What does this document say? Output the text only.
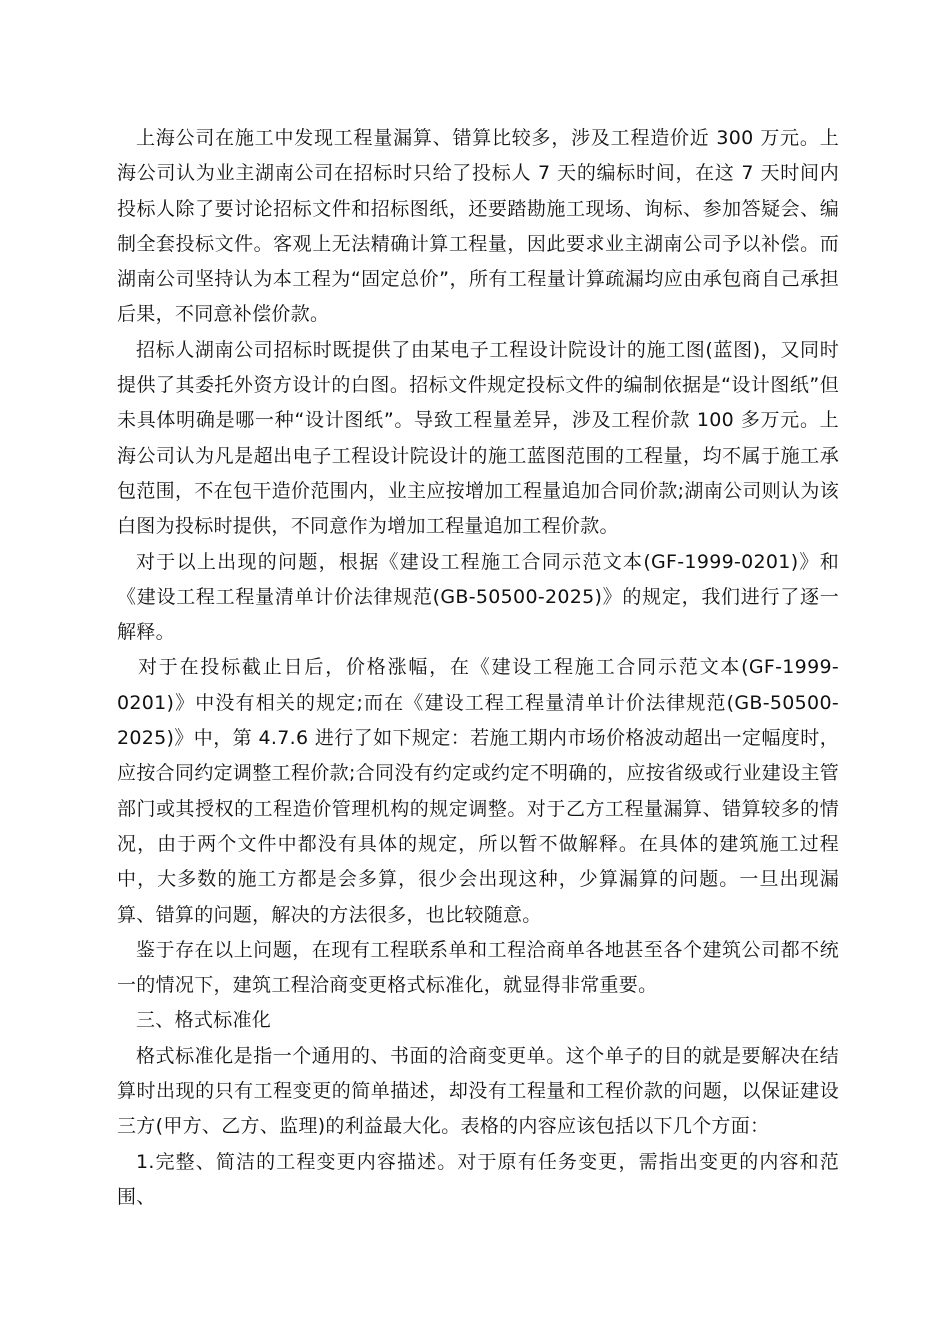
上海公司在施工中发现工程量漏算、错算比较多，涉及工程造价近 300 万元。上海公司认为业主湖南公司在招标时只给了投标人 7 天的编标时间，在这 7 天时间内投标人除了要讨论招标文件和招标图纸，还要踏勘施工现场、询标、参加答疑会、编制全套投标文件。客观上无法精确计算工程量，因此要求业主湖南公司予以补偿。而湖南公司坚持认为本工程为“固定总价”，所有工程量计算疏漏均应由承包商自己承担后果，不同意补偿价款。

招标人湖南公司招标时既提供了由某电子工程设计院设计的施工图(蓝图)，又同时提供了其委托外资方设计的白图。招标文件规定投标文件的编制依据是“设计图纸”但未具体明确是哪一种“设计图纸”。导致工程量差异，涉及工程价款 100 多万元。上海公司认为凡是超出电子工程设计院设计的施工蓝图范围的工程量，均不属于施工承包范围，不在包干造价范围内，业主应按增加工程量追加合同价款;湖南公司则认为该白图为投标时提供，不同意作为增加工程量追加工程价款。

对于以上出现的问题，根据《建设工程施工合同示范文本(GF-1999-0201)》和《建设工程工程量清单计价法律规范(GB-50500-2025)》的规定，我们进行了逐一解释。

对于在投标截止日后，价格涨幅，在《建设工程施工合同示范文本(GF-1999-0201)》中没有相关的规定;而在《建设工程工程量清单计价法律规范(GB-50500-2025)》中，第 4.7.6 进行了如下规定：若施工期内市场价格波动超出一定幅度时，应按合同约定调整工程价款;合同没有约定或约定不明确的，应按省级或行业建设主管部门或其授权的工程造价管理机构的规定调整。对于乙方工程量漏算、错算较多的情况，由于两个文件中都没有具体的规定，所以暂不做解释。在具体的建筑施工过程中，大多数的施工方都是会多算，很少会出现这种，少算漏算的问题。一旦出现漏算、错算的问题，解决的方法很多，也比较随意。

鉴于存在以上问题，在现有工程联系单和工程洽商单各地甚至各个建筑公司都不统一的情况下，建筑工程洽商变更格式标准化，就显得非常重要。

三、格式标准化

格式标准化是指一个通用的、书面的洽商变更单。这个单子的目的就是要解决在结算时出现的只有工程变更的简单描述，却没有工程量和工程价款的问题，以保证建设三方(甲方、乙方、监理)的利益最大化。表格的内容应该包括以下几个方面：

1.完整、简洁的工程变更内容描述。对于原有任务变更，需指出变更的内容和范围、
